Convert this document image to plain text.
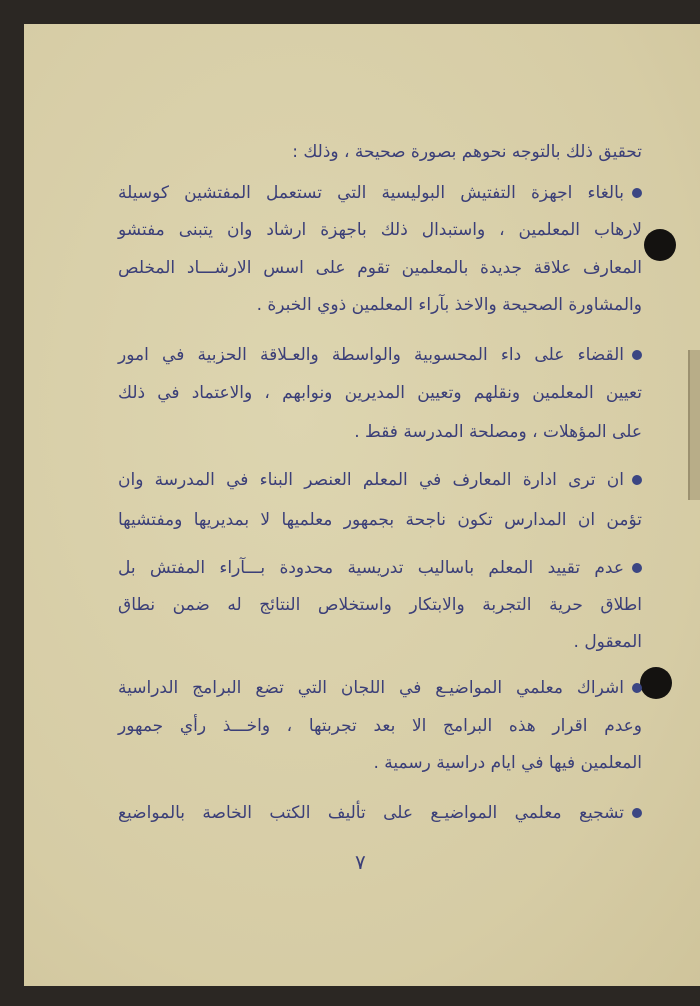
تحقيق ذلك بالتوجه نحوهم بصورة صحيحة ، وذلك :
بالغاء اجهزة التفتيش البوليسية التي تستعمل المفتشين كوسيلة
لارهاب المعلمين ، واستبدال ذلك باجهزة ارشاد وان يتبنى مفتشو
المعارف علاقة جديدة بالمعلمين تقوم على اسس الارشـــاد المخلص
والمشاورة الصحيحة والاخذ بآراء المعلمين ذوي الخبرة .
القضاء على داء المحسوبية والواسطة والعـلاقة الحزبية في امور
تعيين المعلمين ونقلهم وتعيين المديرين ونوابهم ، والاعتماد في ذلك
على المؤهلات ، ومصلحة المدرسة فقط .
ان ترى ادارة المعارف في المعلم العنصر البناء في المدرسة وان
تؤمن ان المدارس تكون ناجحة بجمهور معلميها لا بمديريها ومفتشيها
عدم تقييد المعلم باساليب تدريسية محدودة بـــآراء المفتش بل
اطلاق حرية التجربة والابتكار واستخلاص النتائج له ضمن نطاق
المعقول .
اشراك معلمي المواضيـع في اللجان التي تضع البرامج الدراسية
وعدم اقرار هذه البرامج الا بعد تجربتها ، واخـــذ رأي جمهور
المعلمين فيها في ايام دراسية رسمية .
تشجيع معلمي المواضيـع على تأليف الكتب الخاصة بالمواضيع
٧
